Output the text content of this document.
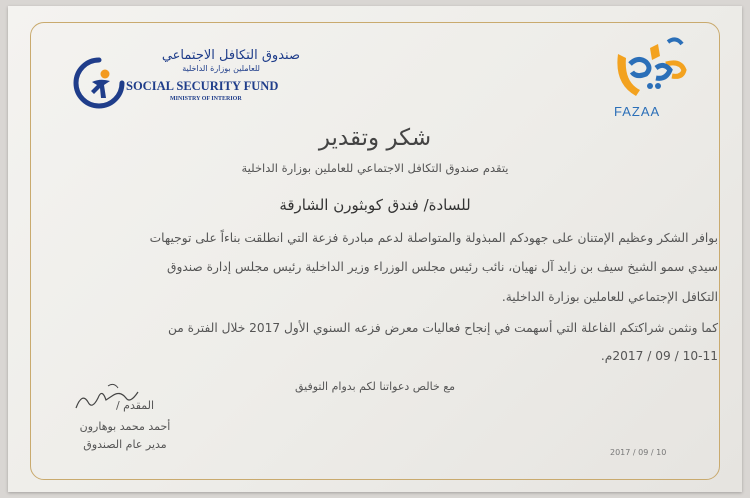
صندوق التكافل الاجتماعي
للعاملين بوزارة الداخلية
SOCIAL SECURITY FUND
MINISTRY OF INTERIOR
FAZAA
شكر وتقدير
يتقدم صندوق التكافل الاجتماعي للعاملين بوزارة الداخلية
للسادة/ فندق كوبثورن الشارقة
بوافر الشكر وعظيم الإمتنان على جهودكم المبذولة والمتواصلة لدعم مبادرة فزعة التي انطلقت بناءاً على توجيهات
سيدي سمو الشيخ سيف بن زايد آل نهيان، نائب رئيس مجلس الوزراء وزير الداخلية رئيس مجلس إدارة صندوق
التكافل الإجتماعي للعاملين بوزارة الداخلية.
كما ونثمن شراكتكم الفاعلة التي أسهمت في إنجاح فعاليات معرض فزعه السنوي الأول 2017 خلال الفترة من
10-11 / 09 / 2017م.
مع خالص دعواتنا لكم بدوام التوفيق
المقدم /
أحمد محمد بوهارون
مدير عام الصندوق
2017 / 09 / 10
